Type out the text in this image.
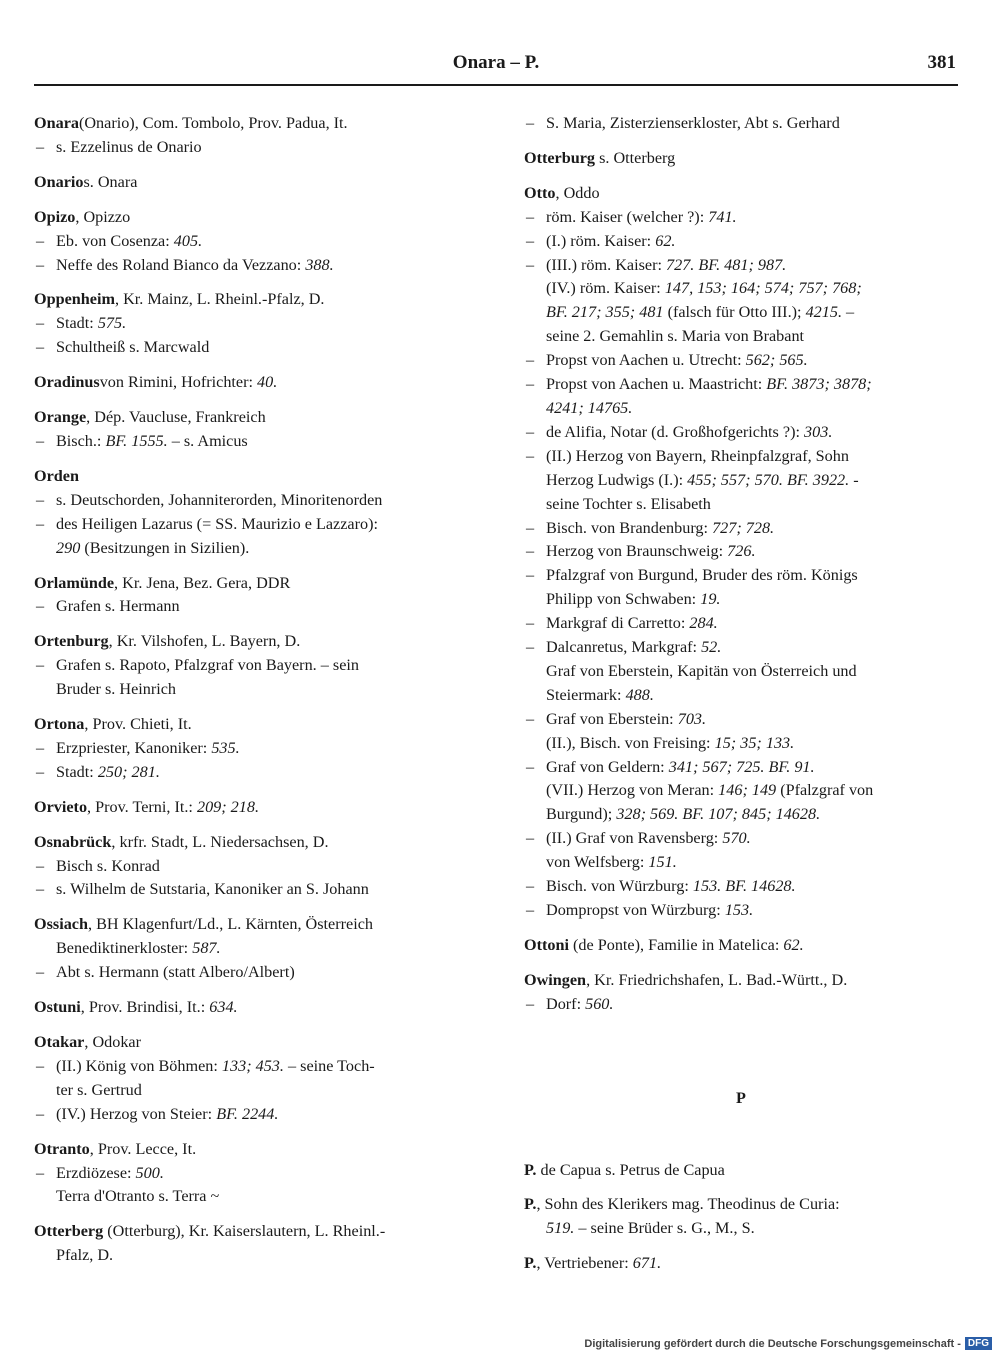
Onara – P.	381
Onara(Onario), Com. Tombolo, Prov. Padua, It.
– s. Ezzelinus de Onario
Onarios. Onara
Opizo, Opizzo
– Eb. von Cosenza: 405.
– Neffe des Roland Bianco da Vezzano: 388.
Oppenheim, Kr. Mainz, L. Rheinl.-Pfalz, D.
– Stadt: 575.
– Schultheiß s. Marcwald
Oradinusvon Rimini, Hofrichter: 40.
Orange, Dép. Vaucluse, Frankreich
– Bisch.: BF. 1555. – s. Amicus
Orden
– s. Deutschorden, Johanniterorden, Minoritenorden
– des Heiligen Lazarus (= SS. Maurizio e Lazzaro):
290 (Besitzungen in Sizilien).
Orlamünde, Kr. Jena, Bez. Gera, DDR
– Grafen s. Hermann
Ortenburg, Kr. Vilshofen, L. Bayern, D.
– Grafen s. Rapoto, Pfalzgraf von Bayern. – sein
Bruder s. Heinrich
Ortona, Prov. Chieti, It.
– Erzpriester, Kanoniker: 535.
– Stadt: 250; 281.
Orvieto, Prov. Terni, It.: 209; 218.
Osnabrück, krfr. Stadt, L. Niedersachsen, D.
– Bisch s. Konrad
– s. Wilhelm de Sutstaria, Kanoniker an S. Johann
Ossiach, BH Klagenfurt/Ld., L. Kärnten, Österreich
Benediktinerkloster: 587.
– Abt s. Hermann (statt Albero/Albert)
Ostuni, Prov. Brindisi, It.: 634.
Otakar, Odokar
– (II.) König von Böhmen: 133; 453. – seine Toch-
ter s. Gertrud
– (IV.) Herzog von Steier: BF. 2244.
Otranto, Prov. Lecce, It.
– Erzdiözese: 500.
Terra d'Otranto s. Terra ~
Otterberg (Otterburg), Kr. Kaiserslautern, L. Rheinl.-
Pfalz, D.
– S. Maria, Zisterzienserkloster, Abt s. Gerhard
Otterburg s. Otterberg
Otto, Oddo
– röm. Kaiser (welcher ?): 741.
– (I.) röm. Kaiser: 62.
– (III.) röm. Kaiser: 727. BF. 481; 987.
(IV.) röm. Kaiser: 147, 153; 164; 574; 757; 768;
BF. 217; 355; 481 (falsch für Otto III.); 4215. –
seine 2. Gemahlin s. Maria von Brabant
– Propst von Aachen u. Utrecht: 562; 565.
– Propst von Aachen u. Maastricht: BF. 3873; 3878;
4241; 14765.
– de Alifia, Notar (d. Großhofgerichts ?): 303.
– (II.) Herzog von Bayern, Rheinpfalzgraf, Sohn
Herzog Ludwigs (I.): 455; 557; 570. BF. 3922. -
seine Tochter s. Elisabeth
– Bisch. von Brandenburg: 727; 728.
– Herzog von Braunschweig: 726.
– Pfalzgraf von Burgund, Bruder des röm. Königs
Philipp von Schwaben: 19.
– Markgraf di Carretto: 284.
– Dalcanretus, Markgraf: 52.
Graf von Eberstein, Kapitän von Österreich und
Steiermark: 488.
– Graf von Eberstein: 703.
(II.), Bisch. von Freising: 15; 35; 133.
– Graf von Geldern: 341; 567; 725. BF. 91.
(VII.) Herzog von Meran: 146; 149 (Pfalzgraf von
Burgund); 328; 569. BF. 107; 845; 14628.
– (II.) Graf von Ravensberg: 570.
von Welfsberg: 151.
– Bisch. von Würzburg: 153. BF. 14628.
– Dompropst von Würzburg: 153.
Ottoni (de Ponte), Familie in Matelica: 62.
Owingen, Kr. Friedrichshafen, L. Bad.-Württ., D.
– Dorf: 560.
P
P. de Capua s. Petrus de Capua
P., Sohn des Klerikers mag. Theodinus de Curia:
519. – seine Brüder s. G., M., S.
P., Vertriebener: 671.
Digitalisierung gefördert durch die Deutsche Forschungsgemeinschaft - DFG
